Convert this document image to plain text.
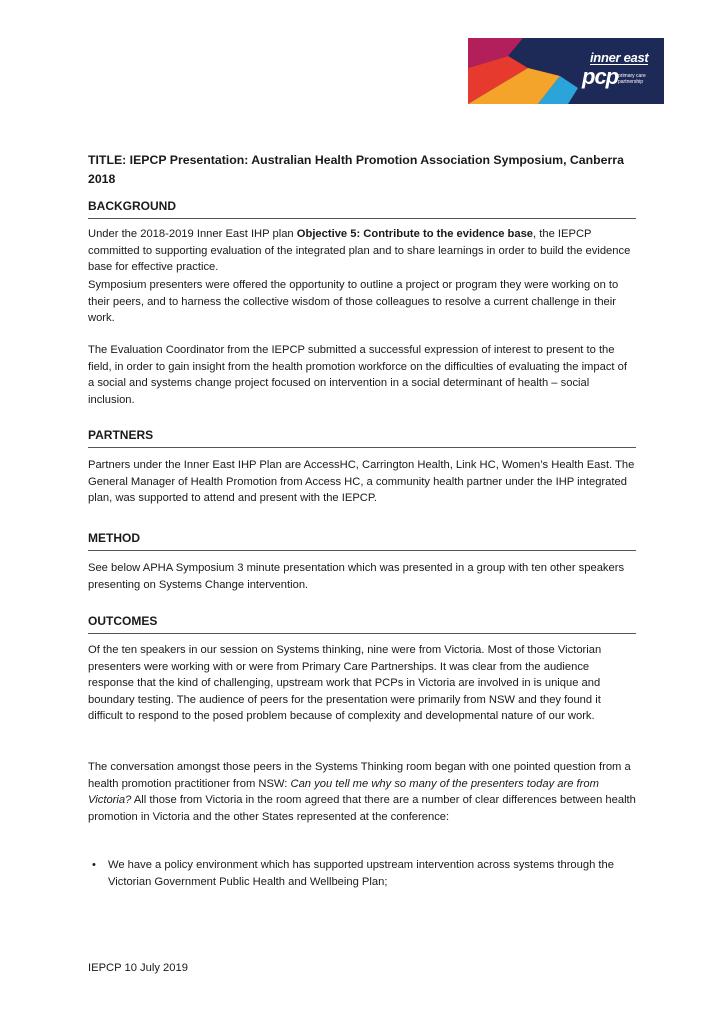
inner east
pcp primary care partnership
TITLE: IEPCP Presentation: Australian Health Promotion Association Symposium, Canberra 2018
BACKGROUND
Under the 2018-2019 Inner East IHP plan Objective 5: Contribute to the evidence base, the IEPCP committed to supporting evaluation of the integrated plan and to share learnings in order to build the evidence base for effective practice.
Symposium presenters were offered the opportunity to outline a project or program they were working on to their peers, and to harness the collective wisdom of those colleagues to resolve a current challenge in their work.
The Evaluation Coordinator from the IEPCP submitted a successful expression of interest to present to the field, in order to gain insight from the health promotion workforce on the difficulties of evaluating the impact of a social and systems change project focused on intervention in a social determinant of health – social inclusion.
PARTNERS
Partners under the Inner East IHP Plan are AccessHC, Carrington Health, Link HC, Women’s Health East. The General Manager of Health Promotion from Access HC, a community health partner under the IHP integrated plan, was supported to attend and present with the IEPCP.
METHOD
See below APHA Symposium 3 minute presentation which was presented in a group with ten other speakers presenting on Systems Change intervention.
OUTCOMES
Of the ten speakers in our session on Systems thinking, nine were from Victoria. Most of those Victorian presenters were working with or were from Primary Care Partnerships. It was clear from the audience response that the kind of challenging, upstream work that PCPs in Victoria are involved in is unique and boundary testing. The audience of peers for the presentation were primarily from NSW and they found it difficult to respond to the posed problem because of complexity and developmental nature of our work.
The conversation amongst those peers in the Systems Thinking room began with one pointed question from a health promotion practitioner from NSW: Can you tell me why so many of the presenters today are from Victoria? All those from Victoria in the room agreed that there are a number of clear differences between health promotion in Victoria and the other States represented at the conference:
• We have a policy environment which has supported upstream intervention across systems through the Victorian Government Public Health and Wellbeing Plan;
IEPCP 10 July 2019
